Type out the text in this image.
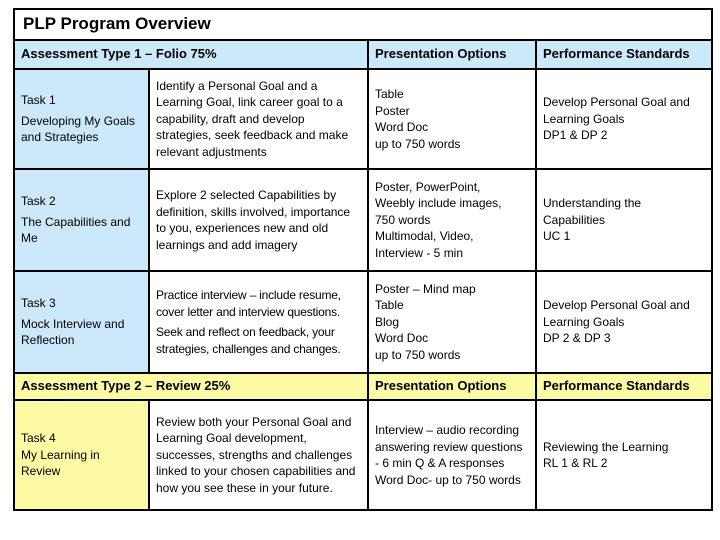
PLP Program Overview			
Assessment Type 1 – Folio 75%		Presentation Options	Performance Standards

Task 1
Developing My Goals and Strategies	Identify a Personal Goal and a Learning Goal, link career goal to a capability, draft and develop strategies, seek feedback and make relevant adjustments	Table
Poster
Word Doc
up to 750 words	Develop Personal Goal and
Learning Goals
DP1 & DP 2

Task 2
The Capabilities and Me	Explore 2 selected Capabilities by definition, skills involved, importance to you, experiences new and old learnings and add imagery	Poster, PowerPoint,
Weebly include images,
750 words
Multimodal, Video,
Interview - 5 min	Understanding the
Capabilities
UC 1

Task 3
Mock Interview and Reflection	Practice interview – include resume, cover letter and interview questions.
Seek and reflect on feedback, your strategies, challenges and changes.	Poster – Mind map
Table
Blog
Word Doc
up to 750 words	Develop Personal Goal and
Learning Goals
DP 2 & DP 3

Assessment Type 2 – Review 25%		Presentation Options	Performance Standards

Task 4
My Learning in Review	Review both your Personal Goal and Learning Goal development, successes, strengths and challenges linked to your chosen capabilities and how you see these in your future.	Interview – audio recording answering review questions - 6 min Q & A responses Word Doc- up to 750 words	Reviewing the Learning
RL 1 & RL 2
